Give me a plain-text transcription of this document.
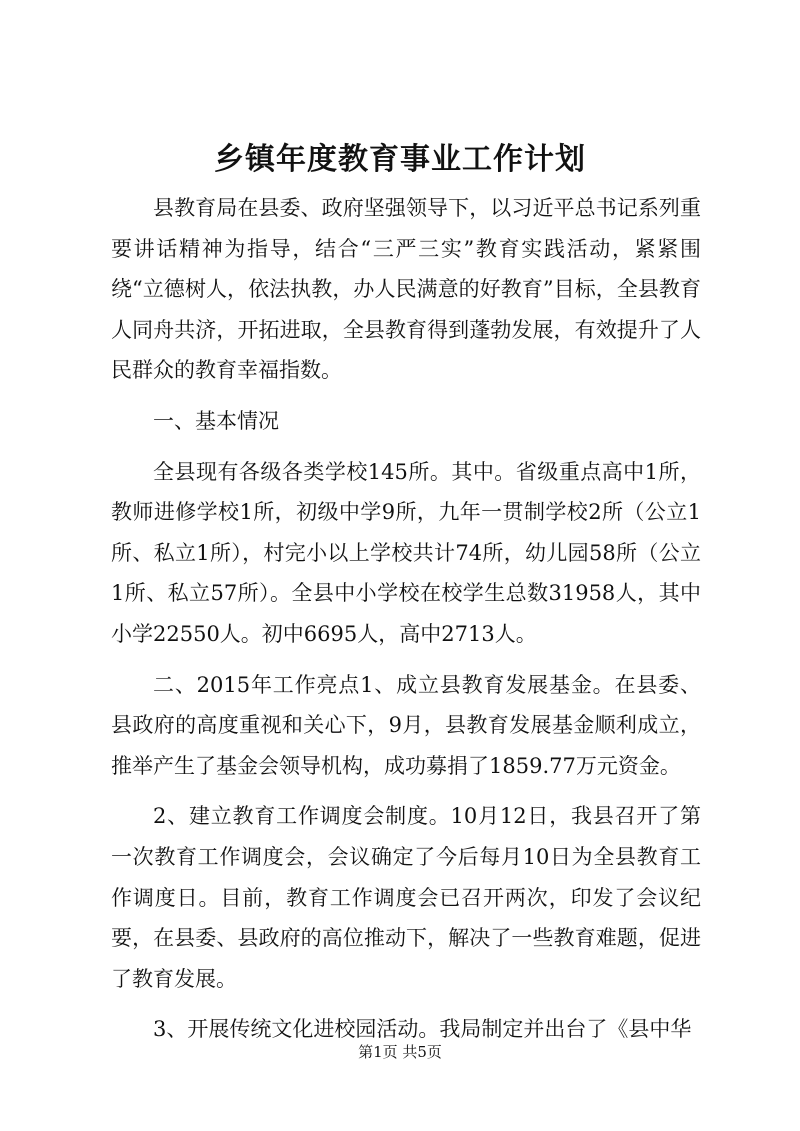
乡镇年度教育事业工作计划

县教育局在县委、政府坚强领导下，以习近平总书记系列重要讲话精神为指导，结合“三严三实”教育实践活动，紧紧围绕“立德树人，依法执教，办人民满意的好教育”目标，全县教育人同舟共济，开拓进取，全县教育得到蓬勃发展，有效提升了人民群众的教育幸福指数。

一、基本情况

全县现有各级各类学校145所。其中。省级重点高中1所，教师进修学校1所，初级中学9所，九年一贯制学校2所（公立1所、私立1所），村完小以上学校共计74所，幼儿园58所（公立1所、私立57所）。全县中小学校在校学生总数31958人，其中小学22550人。初中6695人，高中2713人。

二、2015年工作亮点1、成立县教育发展基金。在县委、县政府的高度重视和关心下，9月，县教育发展基金顺利成立，推举产生了基金会领导机构，成功募捐了1859.77万元资金。

2、建立教育工作调度会制度。10月12日，我县召开了第一次教育工作调度会，会议确定了今后每月10日为全县教育工作调度日。目前，教育工作调度会已召开两次，印发了会议纪要，在县委、县政府的高位推动下，解决了一些教育难题，促进了教育发展。

3、开展传统文化进校园活动。我局制定并出台了《县中华

第1页 共5页
